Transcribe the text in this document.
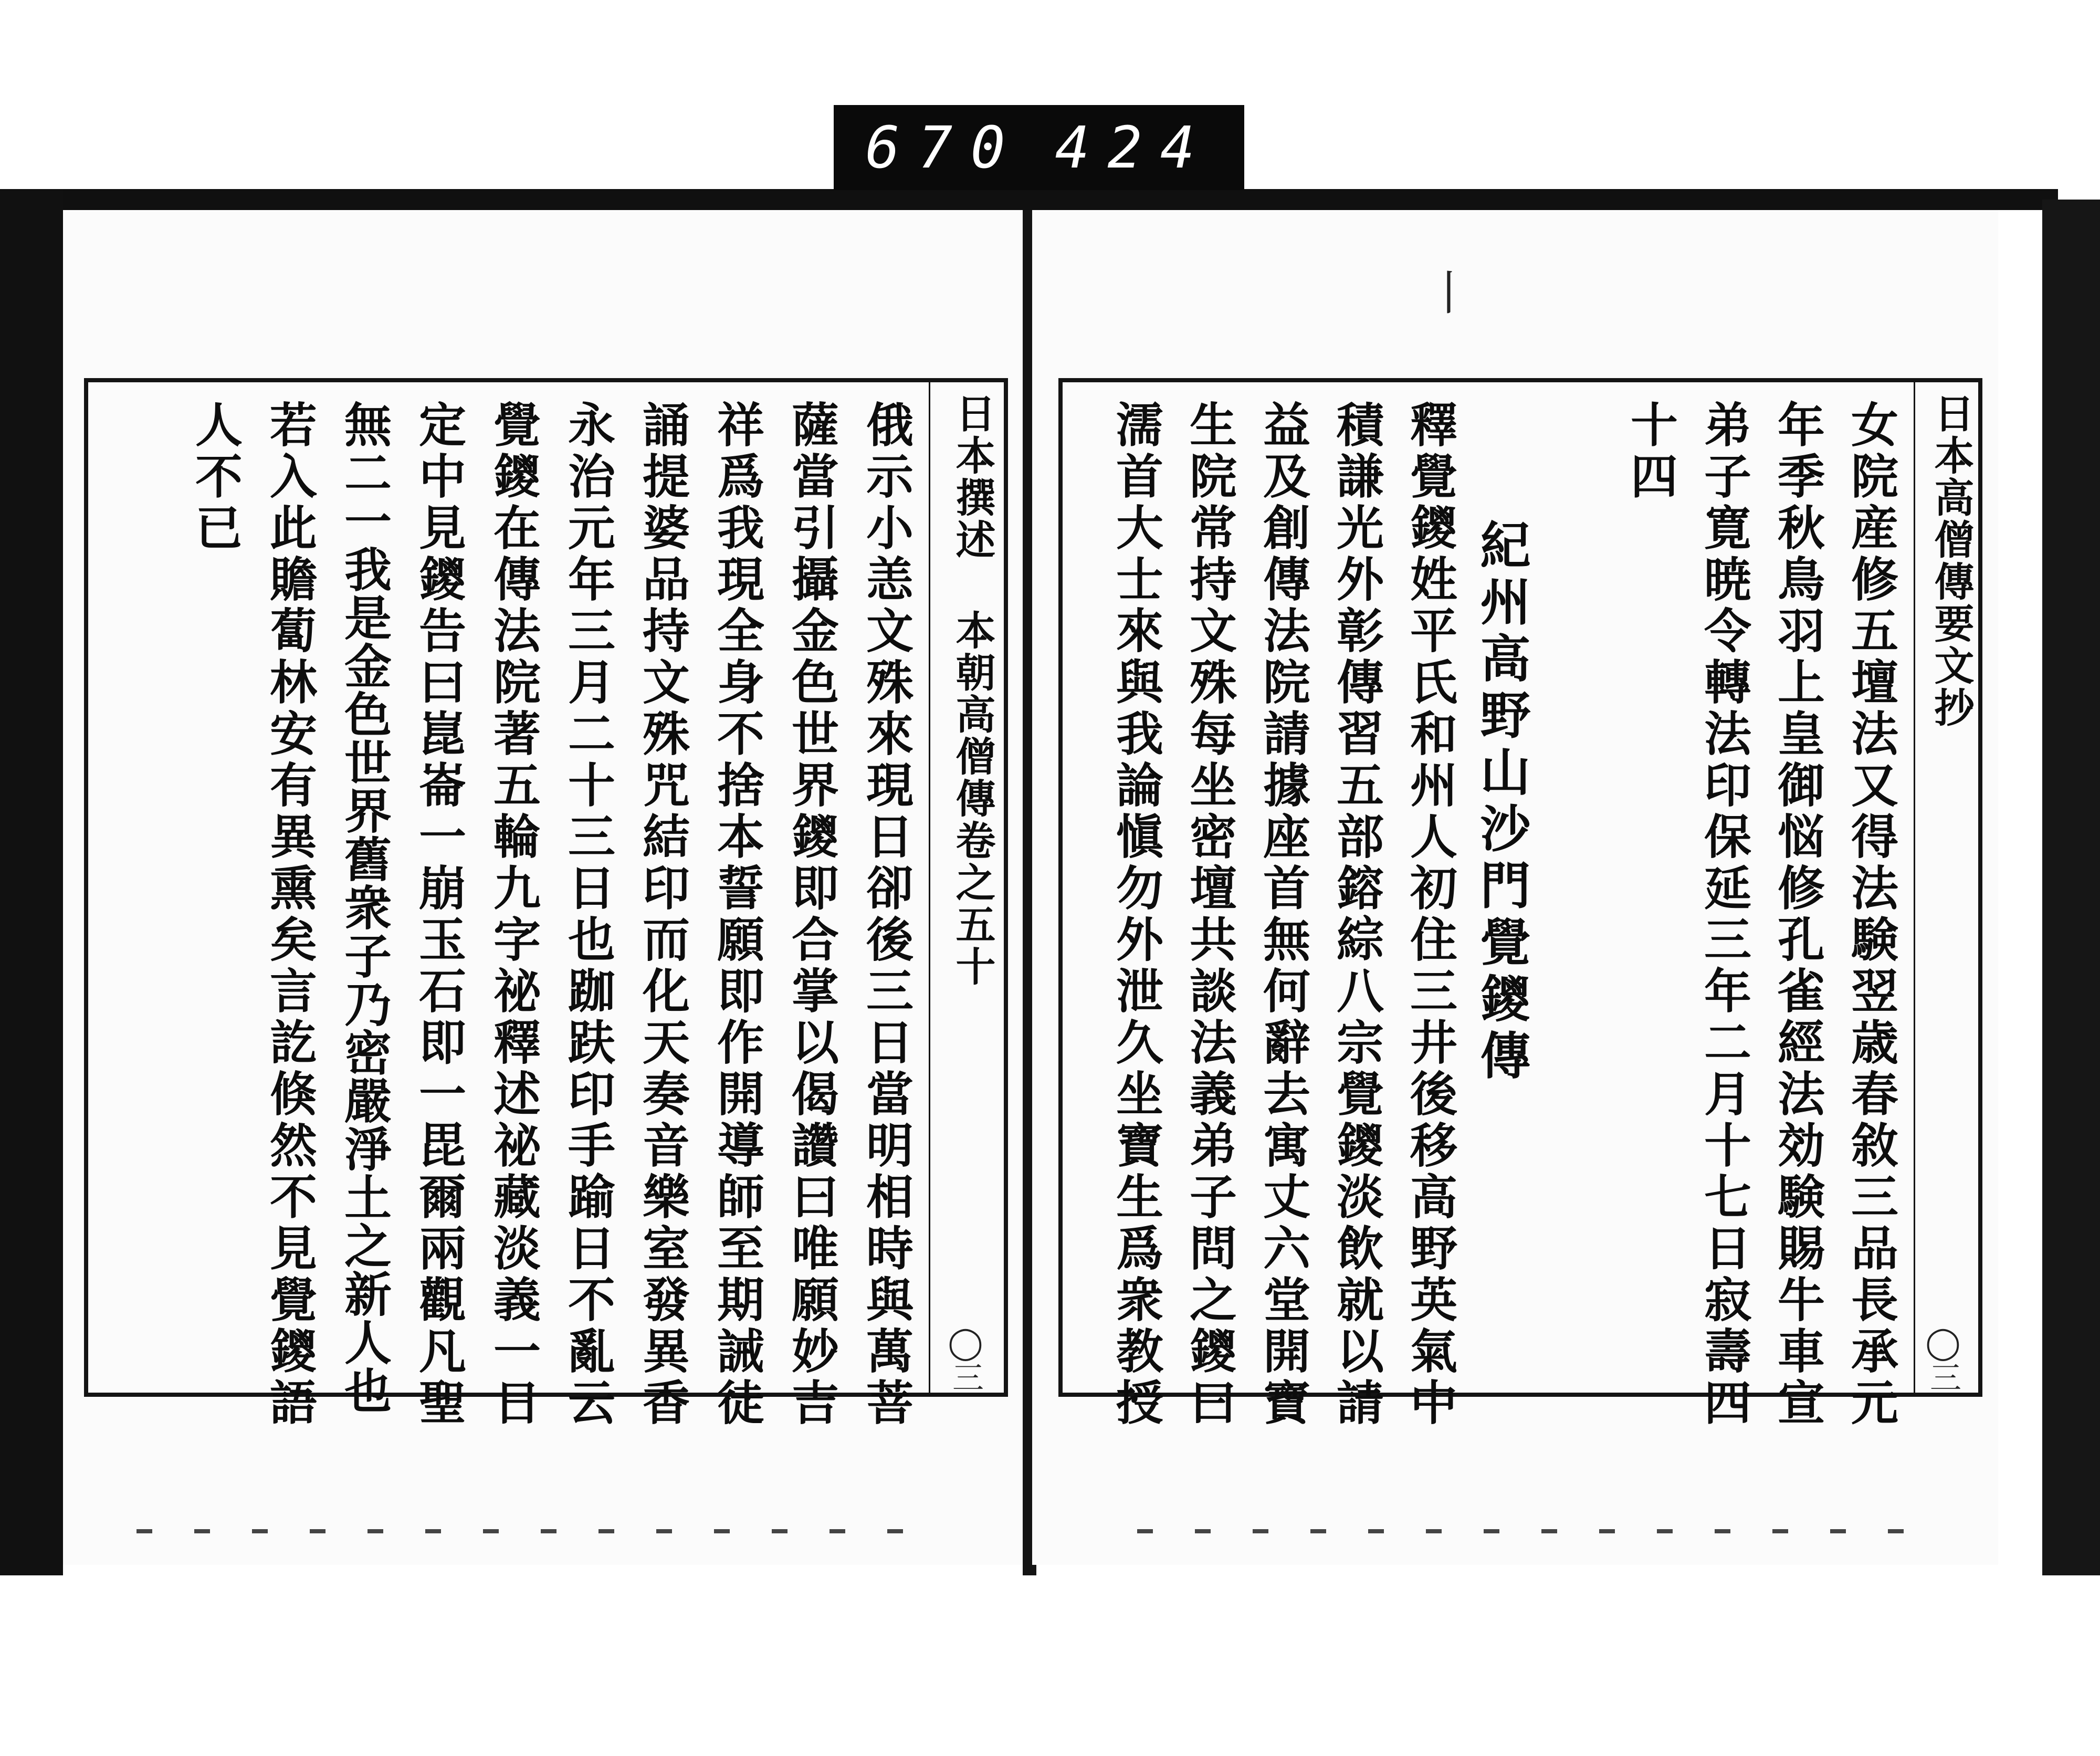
670 424
日本撰述 本朝高僧傳卷之五十
◯三
俄示小恙文殊來現日卻後三日當明相時與萬菩
薩當引攝金色世界鑁即合掌以偈讚曰唯願妙吉
祥爲我現全身不捨本誓願即作開導師至期誡徒
誦提婆品持文殊咒結印而化天奏音樂室發異香
永治元年三月二十三日也跏趺印手踰日不亂云
覺鑁在傳法院著五輪九字祕釋述祕藏淡義一日
定中見鑁告曰崑崙一崩玉石即一毘爾兩觀凡聖
無二一我是金色世界舊衆子乃密嚴淨土之新人也
若入此贍蔔林安有異熏矣言訖倏然不見覺鑁語
人不已
丨
日本高僧傳要文抄
◯三
女院産修五壇法又得法験翌歳春敘三品長承元
年季秋鳥羽上皇御悩修孔雀經法効験賜牛車宣
弟子寛暁令轉法印保延三年二月十七日寂壽四
十四
紀州高野山沙門覺鑁傳
釋覺鑁姓平氏和州人初住三井後移高野英氣中
積謙光外彰傳習五部鎔綜八宗覺鑁淡飲就以請
益及創傳法院請據座首無何辭去寓丈六堂開寶
生院常持文殊每坐密壇共談法義弟子問之鑁曰
濡首大士來與我論愼勿外泄久坐寶生爲衆教授
